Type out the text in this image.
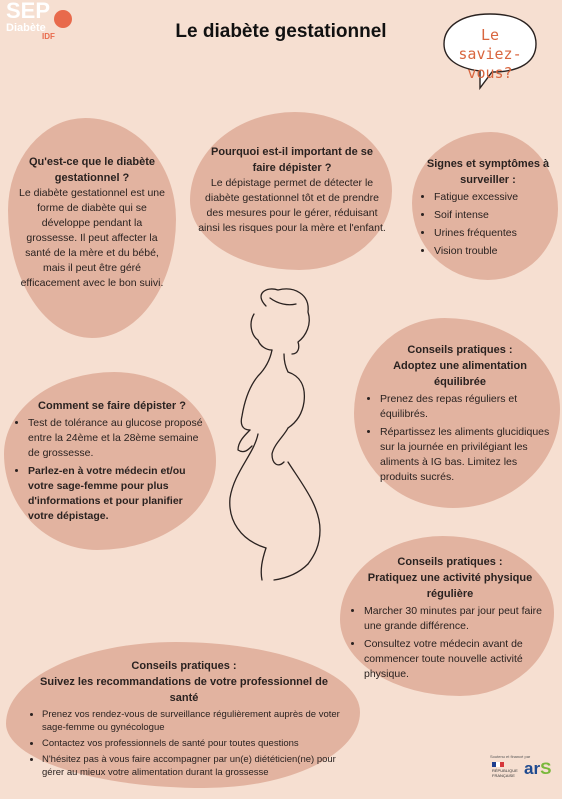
SEP
Diabète
IDF	Le diabète gestationnel	Le saviez-
vous?
Qu'est-ce que le diabète gestationnel ?
Le diabète gestationnel est une forme de diabète qui se développe pendant la grossesse. Il peut affecter la santé de la mère et du bébé, mais il peut être géré efficacement avec le bon suivi.
Pourquoi est-il important de se faire dépister ?
Le dépistage permet de détecter le diabète gestationnel tôt et de prendre des mesures pour le gérer, réduisant ainsi les risques pour la mère et l'enfant.
Signes et symptômes à surveiller :
• Fatigue excessive
• Soif intense
• Urines fréquentes
• Vision trouble
Conseils pratiques :
Adoptez une alimentation équilibrée
• Prenez des repas réguliers et équilibrés.
• Répartissez les aliments glucidiques sur la journée en privilégiant les aliments à IG bas. Limitez les produits sucrés.
Comment se faire dépister ?
• Test de tolérance au glucose proposé entre la 24ème et la 28ème semaine de grossesse.
• Parlez-en à votre médecin et/ou votre sage-femme pour plus d'informations et pour planifier votre dépistage.
Conseils pratiques :
Pratiquez une activité physique régulière
• Marcher 30 minutes par jour peut faire une grande différence.
• Consultez votre médecin avant de commencer toute nouvelle activité physique.
Conseils pratiques :
Suivez les recommandations de votre professionnel de santé
• Prenez vos rendez-vous de surveillance régulièrement auprès de voter sage-femme ou gynécologue
• Contactez vos professionnels de santé pour toutes questions
• N'hésitez pas à vous faire accompagner par un(e) diététicien(ne) pour gérer au mieux votre alimentation durant la grossesse
Soutenu et financé par
RÉPUBLIQUE FRANÇAISE arS
